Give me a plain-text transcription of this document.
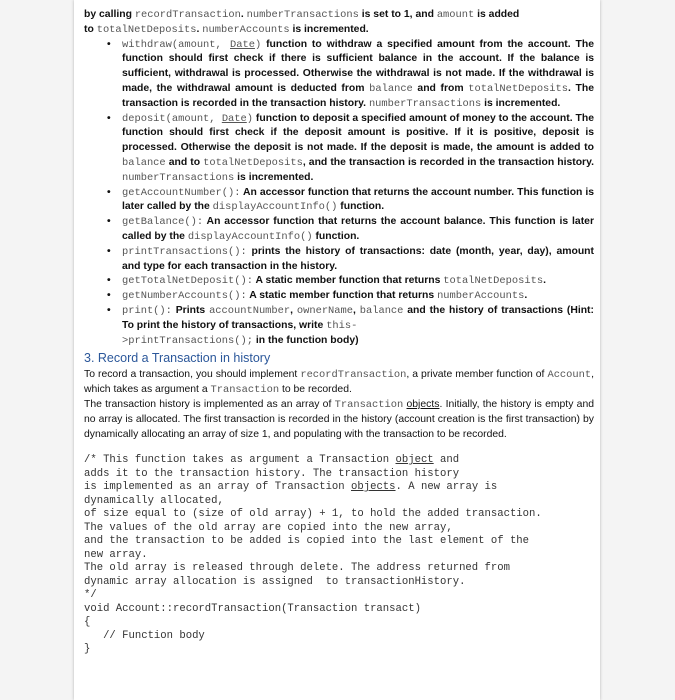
by calling recordTransaction. numberTransactions is set to 1, and amount is added
to totalNetDeposits. numberAccounts is incremented.

• withdraw(amount, Date) function to withdraw a specified amount from the account. The function should first check if there is sufficient balance in the account. If the balance is sufficient, withdrawal is processed. Otherwise the withdrawal is not made. If the withdrawal is made, the withdrawal amount is deducted from balance and from totalNetDeposits. The transaction is recorded in the transaction history. numberTransactions is incremented.
• deposit(amount, Date) function to deposit a specified amount of money to the account. The function should first check if the deposit amount is positive. If it is positive, deposit is processed. Otherwise the deposit is not made. If the deposit is made, the amount is added to balance and to totalNetDeposits, and the transaction is recorded in the transaction history. numberTransactions is incremented.
• getAccountNumber(): An accessor function that returns the account number. This function is later called by the displayAccountInfo() function.
• getBalance(): An accessor function that returns the account balance. This function is later called by the displayAccountInfo() function.
• printTransactions(): prints the history of transactions: date (month, year, day), amount and type for each transaction in the history.
• getTotalNetDeposit(): A static member function that returns totalNetDeposits.
• getNumberAccounts(): A static member function that returns numberAccounts.
• print(): Prints accountNumber, ownerName, balance and the history of transactions (Hint: To print the history of transactions, write this-
>printTransactions(); in the function body)
3. Record a Transaction in history

To record a transaction, you should implement recordTransaction, a private member function of Account, which takes as argument a Transaction to be recorded.

The transaction history is implemented as an array of Transaction objects. Initially, the history is empty and no array is allocated. The first transaction is recorded in the history (account creation is the first transaction) by dynamically allocating an array of size 1, and populating with the transaction to be recorded.

/* This function takes as argument a Transaction object and
adds it to the transaction history. The transaction history
is implemented as an array of Transaction objects. A new array is
dynamically allocated,
of size equal to (size of old array) + 1, to hold the added transaction.
The values of the old array are copied into the new array,
and the transaction to be added is copied into the last element of the
new array.
The old array is released through delete. The address returned from
dynamic array allocation is assigned  to transactionHistory.
*/
void Account::recordTransaction(Transaction transact)
{
// Function body
}
